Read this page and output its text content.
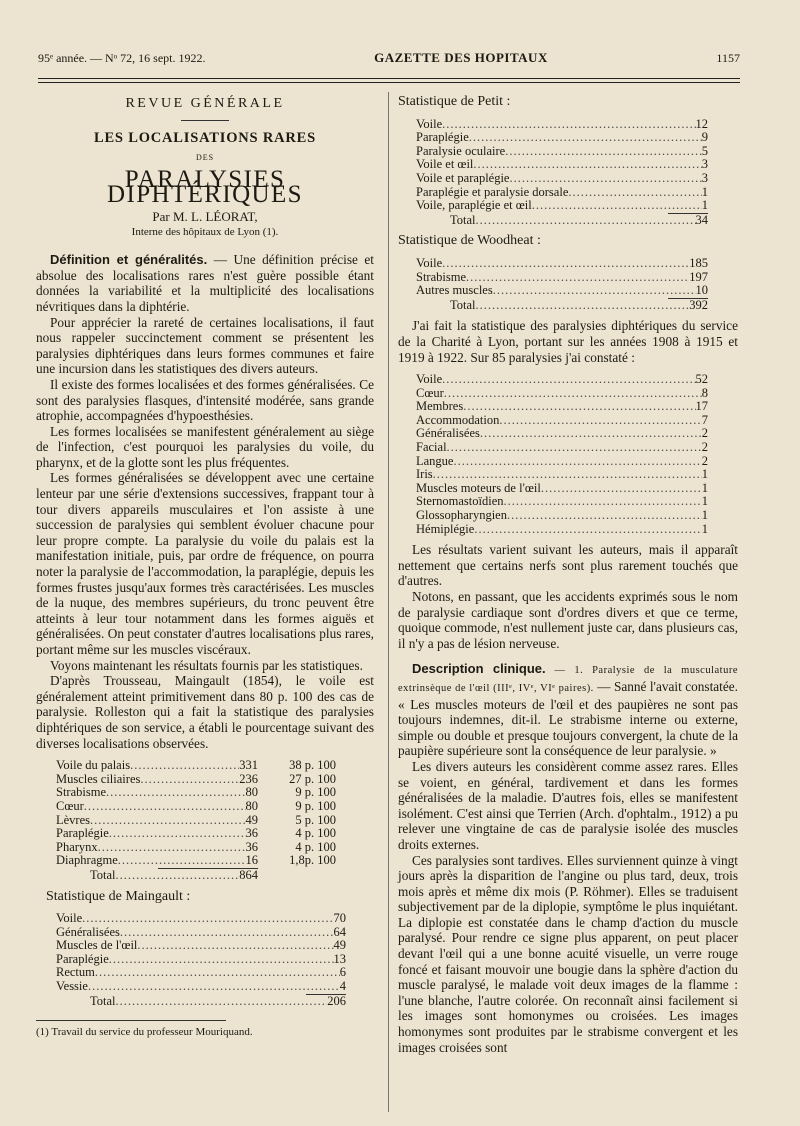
95ᵉ année. — Nᵒ 72, 16 sept. 1922.	GAZETTE DES HOPITAUX	1157
REVUE GÉNÉRALE
LES LOCALISATIONS RARES
DES
PARALYSIES DIPHTÉRIQUES
Par M. L. LÉORAT,
Interne des hôpitaux de Lyon (1).

Définition et généralités. — Une définition précise et absolue des localisations rares n'est guère possible étant données la variabilité et la multiplicité des localisations névritiques dans la diphtérie.

Pour apprécier la rareté de certaines localisations, il faut nous rappeler succinctement comment se présentent les paralysies diphtériques dans leurs formes communes et faire une incursion dans les statistiques des divers auteurs.

Il existe des formes localisées et des formes généralisées. Ce sont des paralysies flasques, d'intensité modérée, sans grande atrophie, accompagnées d'hypoesthésies.

Les formes localisées se manifestent généralement au siège de l'infection, c'est pourquoi les paralysies du voile, du pharynx, et de la glotte sont les plus fréquentes.

Les formes généralisées se développent avec une certaine lenteur par une série d'extensions successives, frappant tour à tour divers appareils musculaires et l'on assiste à une succession de paralysies qui semblent évoluer chacune pour leur propre compte. La paralysie du voile du palais est la manifestation initiale, puis, par ordre de fréquence, on pourra noter la paralysie de l'accommodation, la paraplégie, depuis les formes frustes jusqu'aux formes très caractérisées. Les muscles de la nuque, des membres supérieurs, du tronc peuvent être atteints à leur tour notamment dans les formes aiguës et généralisées. On peut constater d'autres localisations plus rares, portant même sur les muscles viscéraux.

Voyons maintenant les résultats fournis par les statistiques.

D'après Trousseau, Maingault (1854), le voile est généralement atteint primitivement dans 80 p. 100 des cas de paralysie. Rolleston qui a fait la statistique des paralysies diphtériques de son service, a établi le pourcentage suivant des diverses localisations observées.

Voile du palais .....	331	38 p. 100
Muscles ciliaires .....	236	27 p. 100
Strabisme .....	80	9 p. 100
Cœur .....	80	9 p. 100
Lèvres .....	49	5 p. 100
Paraplégie .....	36	4 p. 100
Pharynx .....	36	4 p. 100
Diaphragme .....	16	1,8p. 100
Total .....	864
Statistique de Maingault :
Voile .....	70
Généralisées .....	64
Muscles de l'œil .....	49
Paraplégie .....	13
Rectum .....	6
Vessie .....	4
Total .....	206
(1) Travail du service du professeur Mouriquand.
Statistique de Petit :
Voile .....	12
Paraplégie .....	9
Paralysie oculaire .....	5
Voile et œil .....	3
Voile et paraplégie .....	3
Paraplégie et paralysie dorsale .....	1
Voile, paraplégie et œil .....	1
Total .....	34
Statistique de Woodheat :
Voile .....	185
Strabisme .....	197
Autres muscles .....	10
Total .....	392

J'ai fait la statistique des paralysies diphtériques du service de la Charité à Lyon, portant sur les années 1908 à 1915 et 1919 à 1922. Sur 85 paralysies j'ai constaté :

Voile .....	52
Cœur .....	8
Membres .....	17
Accommodation .....	7
Généralisées .....	2
Facial .....	2
Langue .....	2
Iris .....	1
Muscles moteurs de l'œil .....	1
Sternomastoïdien .....	1
Glossopharyngien .....	1
Hémiplégie .....	1

Les résultats varient suivant les auteurs, mais il apparaît nettement que certains nerfs sont plus rarement touchés que d'autres.

Notons, en passant, que les accidents exprimés sous le nom de paralysie cardiaque sont d'ordres divers et que ce terme, quoique commode, n'est nullement juste car, dans plusieurs cas, il n'y a pas de lésion nerveuse.

Description clinique. — 1. Paralysie de la musculature extrinsèque de l'œil (IIIᵉ, IVᵉ, VIᵉ paires). — Sanné l'avait constatée. « Les muscles moteurs de l'œil et des paupières ne sont pas toujours indemnes, dit-il. Le strabisme interne ou externe, simple ou double et presque toujours convergent, la chute de la paupière supérieure sont la conséquence de leur paralysie. »

Les divers auteurs les considèrent comme assez rares. Elles se voient, en général, tardivement et dans les formes généralisées de la maladie. D'autres fois, elles se manifestent isolément. C'est ainsi que Terrien (Arch. d'ophtalm., 1912) a pu relever une vingtaine de cas de paralysie isolée des muscles droits externes.

Ces paralysies sont tardives. Elles surviennent quinze à vingt jours après la disparition de l'angine ou plus tard, deux, trois mois après et même dix mois (P. Röhmer). Elles se traduisent subjectivement par de la diplopie, symptôme le plus inquiétant. La diplopie est constatée dans le champ d'action du muscle paralysé. Pour rendre ce signe plus apparent, on peut placer devant l'œil qui a une bonne acuité visuelle, un verre rouge foncé et faisant mouvoir une bougie dans la sphère d'action du muscle paralysé, le malade voit deux images de la flamme : l'une blanche, l'autre colorée. On reconnaît ainsi facilement si les images sont homonymes ou croisées. Les images homonymes sont produites par le strabisme convergent et les images croisées sont
